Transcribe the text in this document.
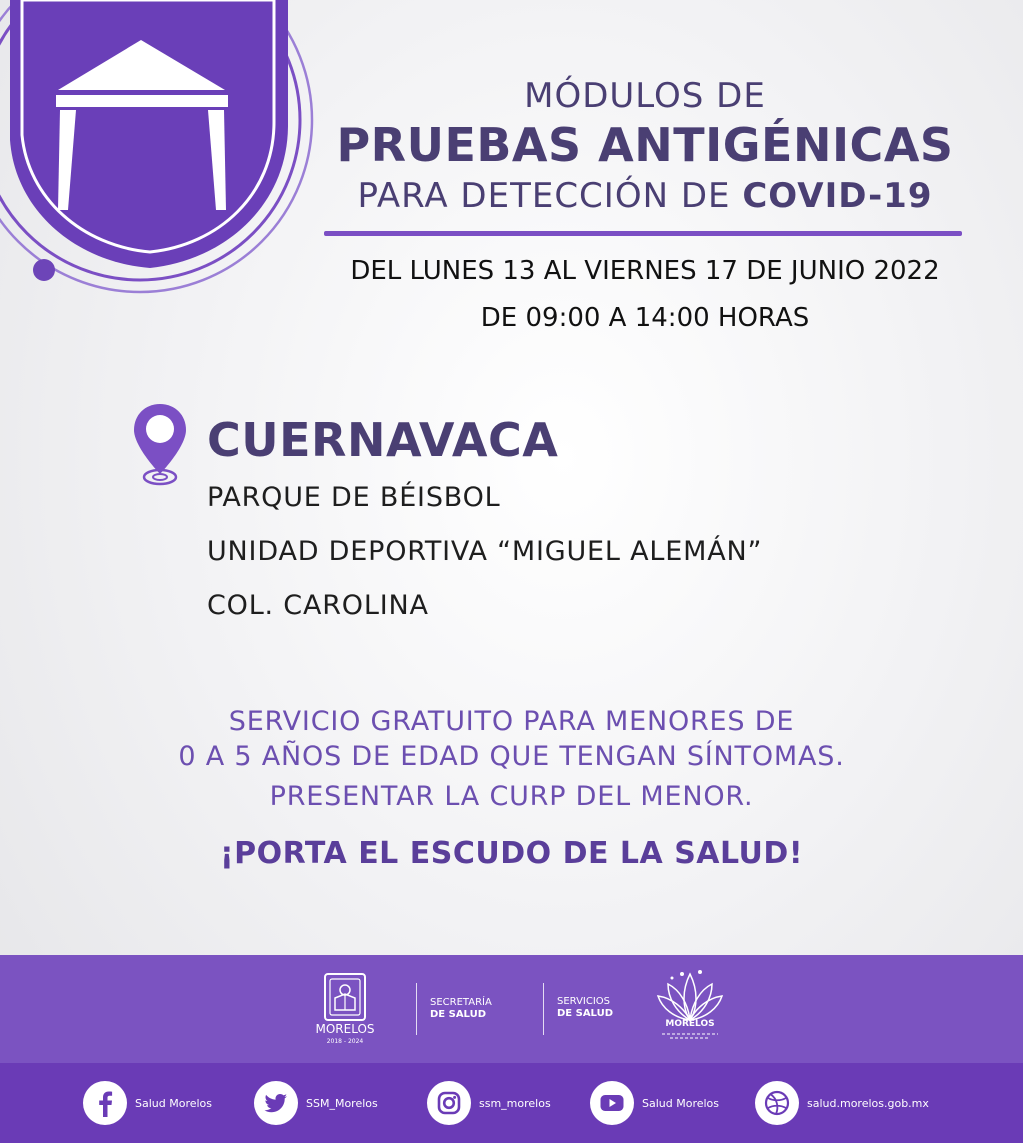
MÓDULOS DE
PRUEBAS ANTIGÉNICAS
PARA DETECCIÓN DE COVID-19
DEL LUNES 13 AL VIERNES 17 DE JUNIO 2022
DE 09:00 A 14:00 HORAS
CUERNAVACA
PARQUE DE BÉISBOL
UNIDAD DEPORTIVA “MIGUEL ALEMÁN”
COL. CAROLINA
SERVICIO GRATUITO PARA MENORES DE
0 A 5 AÑOS DE EDAD QUE TENGAN SÍNTOMAS.
PRESENTAR LA CURP DEL MENOR.
¡PORTA EL ESCUDO DE LA SALUD!
MORELOS
2018 - 2024
SECRETARÍA
DE SALUD
SERVICIOS
DE SALUD
MORELOS
Salud Morelos	SSM_Morelos	ssm_morelos	Salud Morelos	salud.morelos.gob.mx
